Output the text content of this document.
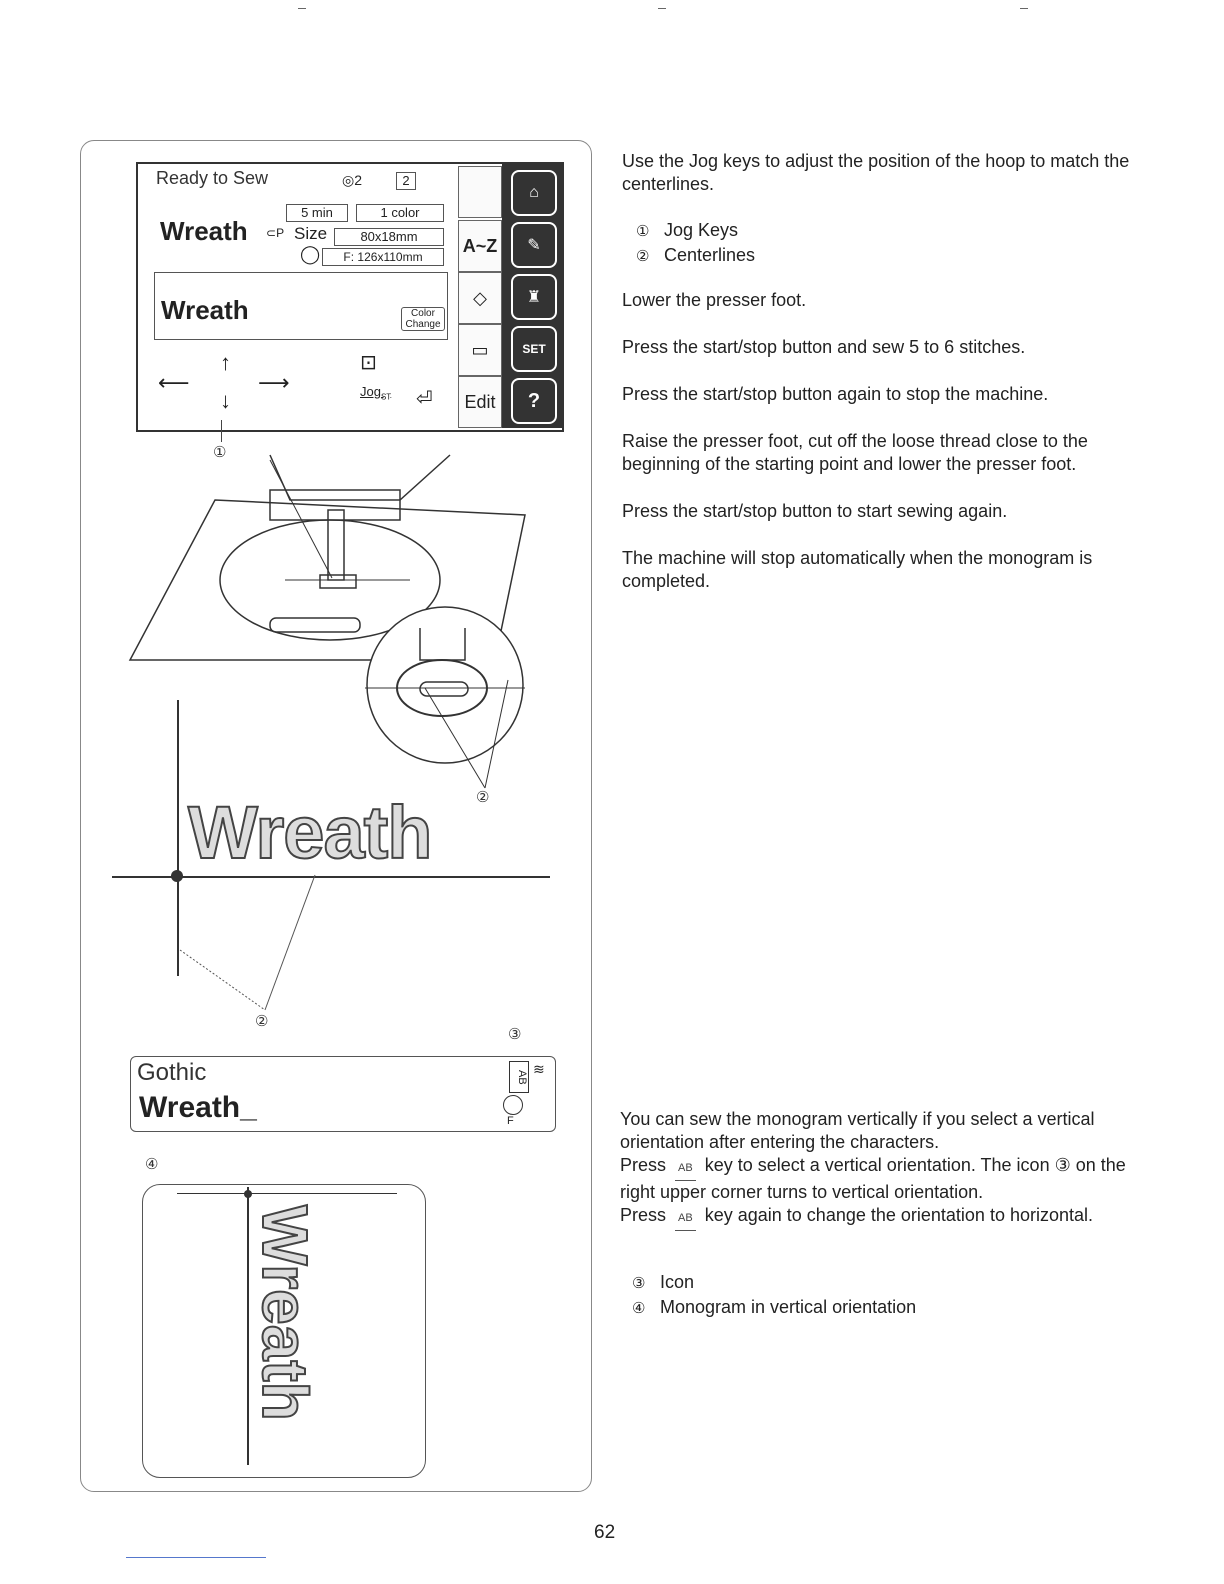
Ready to Sew	◎2	2
5 min	1 color
Wreath ⊂P Size	80x18mm
◯	F: 126x110mm
Wreath	Color Change
⟵
↑
↓
⟶
⊡
Jog$_{ST}$ ⏎
A~Z
◇
▭
Edit
⌂
✎
♜
SET
?
①
②
Wreath
②
③
Gothic
Wreath_
AB ≋
F
④
Wreath

Use the Jog keys to adjust the position of the hoop to match the centerlines.

① Jog Keys
② Centerlines

Lower the presser foot.

Press the start/stop button and sew 5 to 6 stitches.

Press the start/stop button again to stop the machine.

Raise the presser foot, cut off the loose thread close to the beginning of the starting point and lower the presser foot.

Press the start/stop button to start sewing again.

The machine will stop automatically when the monogram is completed.

You can sew the monogram vertically if you select a vertical orientation after entering the characters.

Press AB key to select a vertical orientation. The icon ③ on the right upper corner turns to vertical orientation.

Press AB key again to change the orientation to horizontal.

③ Icon
④ Monogram in vertical orientation
62
